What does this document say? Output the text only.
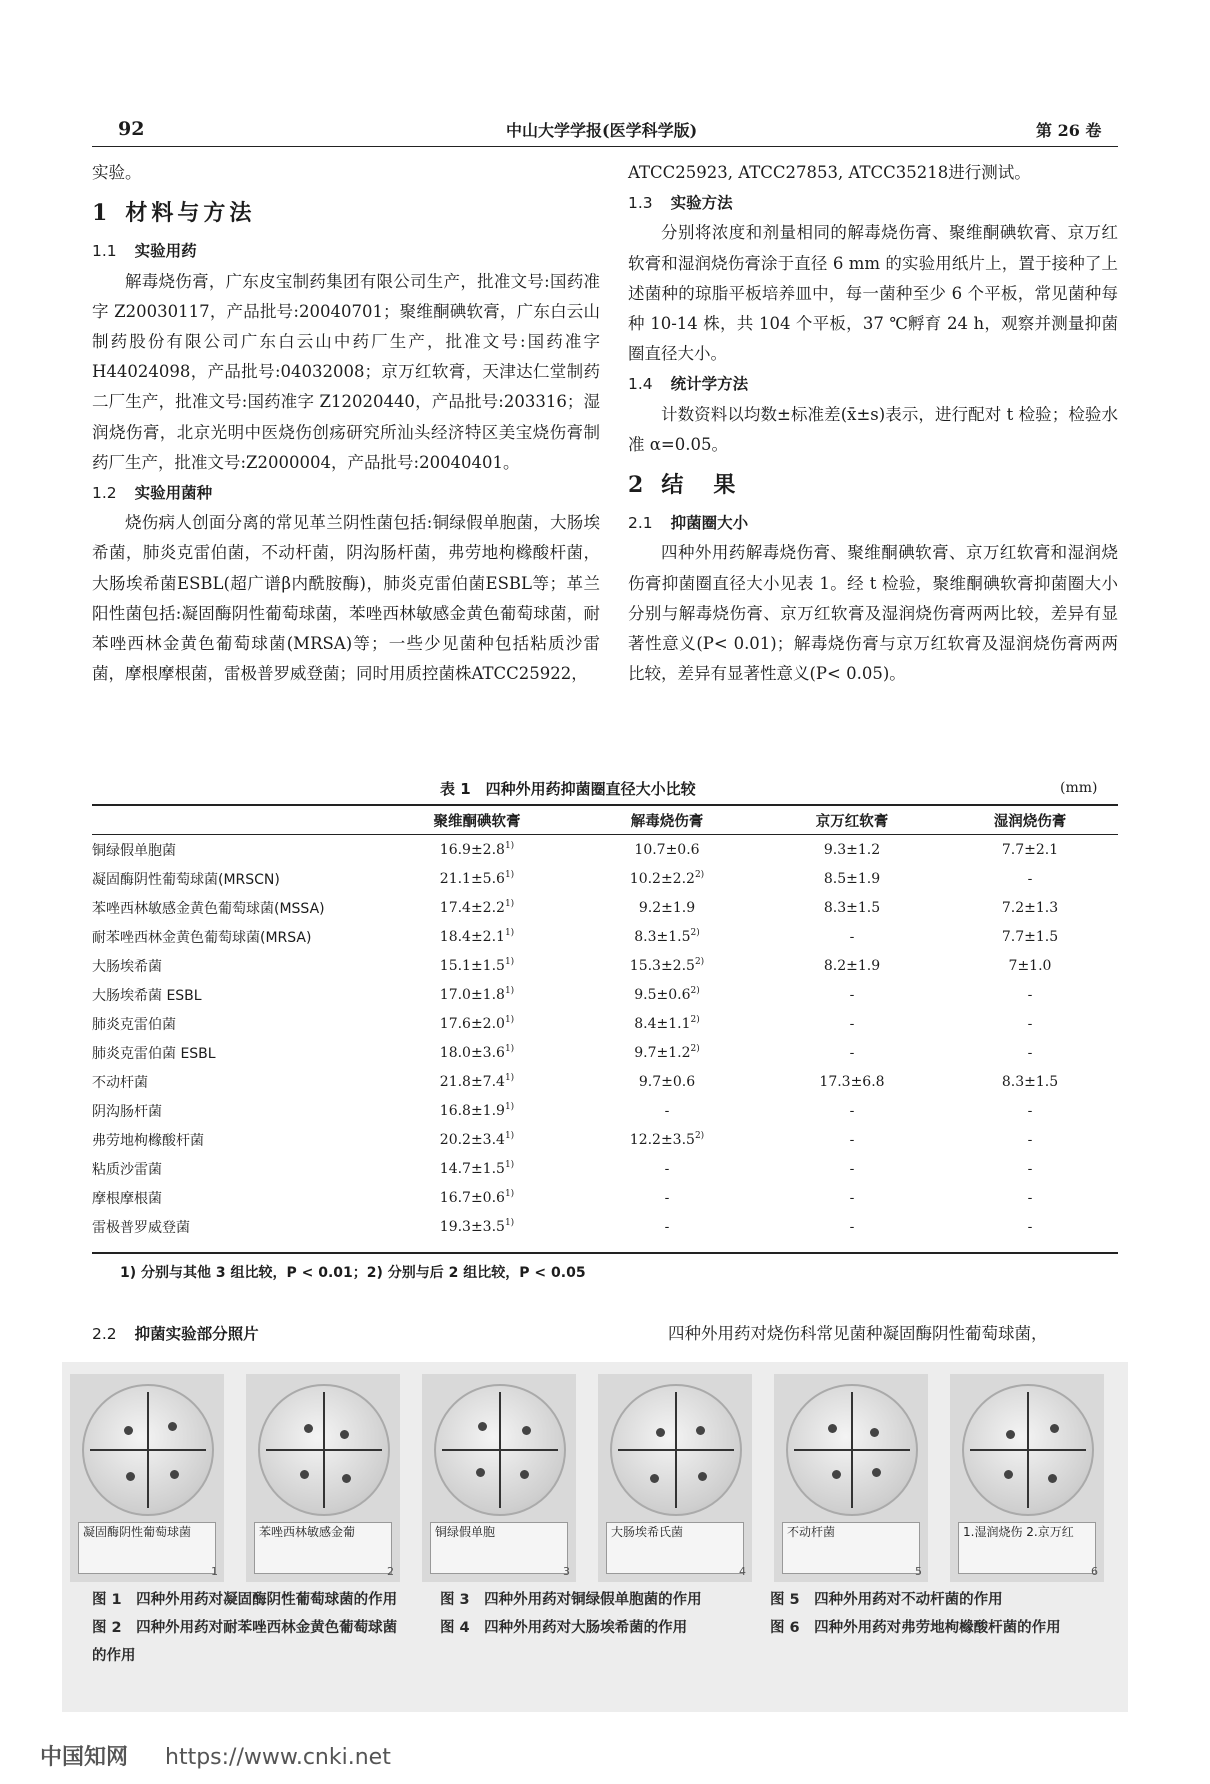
92	中山大学学报(医学科学版)	第 26 卷

实验。

1 材料与方法
1.1 实验用药

解毒烧伤膏，广东皮宝制药集团有限公司生产，批准文号:国药准字 Z20030117，产品批号:20040701；聚维酮碘软膏，广东白云山制药股份有限公司广东白云山中药厂生产，批准文号:国药准字 H44024098，产品批号:04032008；京万红软膏，天津达仁堂制药二厂生产，批准文号:国药准字 Z12020440，产品批号:203316；湿润烧伤膏，北京光明中医烧伤创疡研究所汕头经济特区美宝烧伤膏制药厂生产，批准文号:Z2000004，产品批号:20040401。

1.2 实验用菌种

烧伤病人创面分离的常见革兰阴性菌包括:铜绿假单胞菌，大肠埃希菌，肺炎克雷伯菌，不动杆菌，阴沟肠杆菌，弗劳地枸橼酸杆菌，大肠埃希菌ESBL(超广谱β内酰胺酶)，肺炎克雷伯菌ESBL等；革兰阳性菌包括:凝固酶阴性葡萄球菌，苯唑西林敏感金黄色葡萄球菌，耐苯唑西林金黄色葡萄球菌(MRSA)等；一些少见菌种包括粘质沙雷菌，摩根摩根菌，雷极普罗威登菌；同时用质控菌株ATCC25922，

ATCC25923, ATCC27853, ATCC35218进行测试。

1.3 实验方法

分别将浓度和剂量相同的解毒烧伤膏、聚维酮碘软膏、京万红软膏和湿润烧伤膏涂于直径 6 mm 的实验用纸片上，置于接种了上述菌种的琼脂平板培养皿中，每一菌种至少 6 个平板，常见菌种每种 10-14 株，共 104 个平板，37 ℃孵育 24 h，观察并测量抑菌圈直径大小。

1.4 统计学方法

计数资料以均数±标准差(x̄±s)表示，进行配对 t 检验；检验水准 α=0.05。

2 结　果
2.1 抑菌圈大小

四种外用药解毒烧伤膏、聚维酮碘软膏、京万红软膏和湿润烧伤膏抑菌圈直径大小见表 1。经 t 检验，聚维酮碘软膏抑菌圈大小分别与解毒烧伤膏、京万红软膏及湿润烧伤膏两两比较，差异有显著性意义(P< 0.01)；解毒烧伤膏与京万红软膏及湿润烧伤膏两两比较，差异有显著性意义(P< 0.05)。

表 1　四种外用药抑菌圈直径大小比较	(mm)
	聚维酮碘软膏	解毒烧伤膏	京万红软膏	湿润烧伤膏
铜绿假单胞菌	$16.9\pm 2.8^{1)}$	10.7±0.6	9.3±1.2	7.7±2.1
凝固酶阴性葡萄球菌(MRSCN)	$21.1\pm 5.6^{1)}$	$10.2\pm 2.2^{2)}$	8.5±1.9	-
苯唑西林敏感金黄色葡萄球菌(MSSA)	$17.4\pm 2.2^{1)}$	9.2±1.9	8.3±1.5	7.2±1.3
耐苯唑西林金黄色葡萄球菌(MRSA)	$18.4\pm 2.1^{1)}$	$8.3\pm 1.5^{2)}$	-	7.7±1.5
大肠埃希菌	$15.1\pm 1.5^{1)}$	$15.3\pm 2.5^{2)}$	8.2±1.9	7±1.0
大肠埃希菌 ESBL	$17.0\pm 1.8^{1)}$	$9.5\pm 0.6^{2)}$	-	-
肺炎克雷伯菌	$17.6\pm 2.0^{1)}$	$8.4\pm 1.1^{2)}$	-	-
肺炎克雷伯菌 ESBL	$18.0\pm 3.6^{1)}$	$9.7\pm 1.2^{2)}$	-	-
不动杆菌	$21.8\pm 7.4^{1)}$	9.7±0.6	17.3±6.8	8.3±1.5
阴沟肠杆菌	$16.8\pm 1.9^{1)}$	-	-	-
弗劳地枸橼酸杆菌	$20.2\pm 3.4^{1)}$	$12.2\pm 3.5^{2)}$	-	-
粘质沙雷菌	$14.7\pm 1.5^{1)}$	-	-	-
摩根摩根菌	$16.7\pm 0.6^{1)}$	-	-	-
雷极普罗威登菌	$19.3\pm 3.5^{1)}$	-	-	-
1) 分别与其他 3 组比较，P < 0.01；2) 分别与后 2 组比较，P < 0.05
2.2 抑菌实验部分照片	四种外用药对烧伤科常见菌种凝固酶阴性葡萄球菌，
凝固酶阴性葡萄球菌
1
苯唑西林敏感金葡
2
铜绿假单胞
3
大肠埃希氏菌
4
不动杆菌
5
1.湿润烧伤 2.京万红
6
图 1　四种外用药对凝固酶阴性葡萄球菌的作用
图 2　四种外用药对耐苯唑西林金黄色葡萄球菌
的作用
图 3　四种外用药对铜绿假单胞菌的作用
图 4　四种外用药对大肠埃希菌的作用
图 5　四种外用药对不动杆菌的作用
图 6　四种外用药对弗劳地枸橼酸杆菌的作用
中国知网 https://www.cnki.net
